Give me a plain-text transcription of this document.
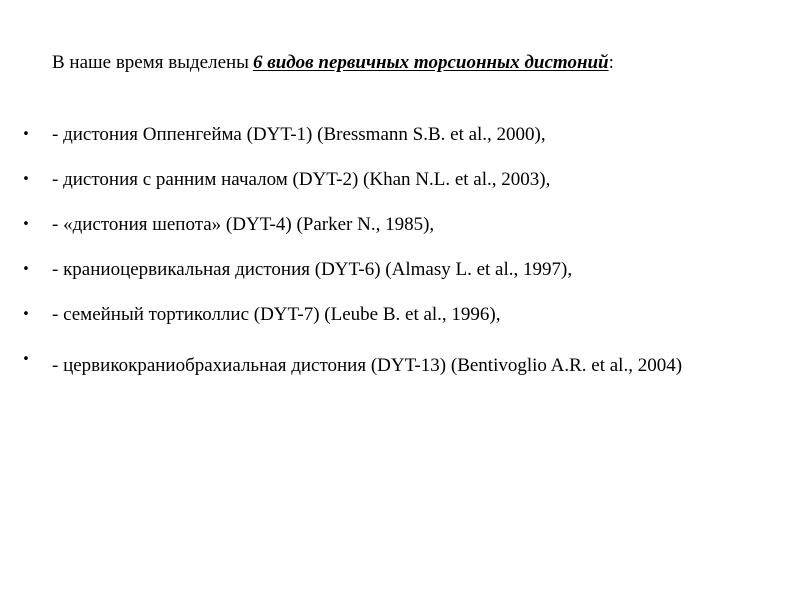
В наше время выделены 6 видов первичных торсионных дистоний:
• - дистония Оппенгейма (DYT-1) (Bressmann S.B. et al., 2000),
• - дистония с ранним началом (DYT-2) (Khan N.L. et al., 2003),
• - «дистония шепота» (DYT-4) (Parker N., 1985),
• - краниоцервикальная дистония (DYT-6) (Almasy L. et al., 1997),
• - семейный тортиколлис (DYT-7) (Leube B. et al., 1996),
• - цервикокраниобрахиальная дистония (DYT-13) (Bentivoglio A.R. et al., 2004)
